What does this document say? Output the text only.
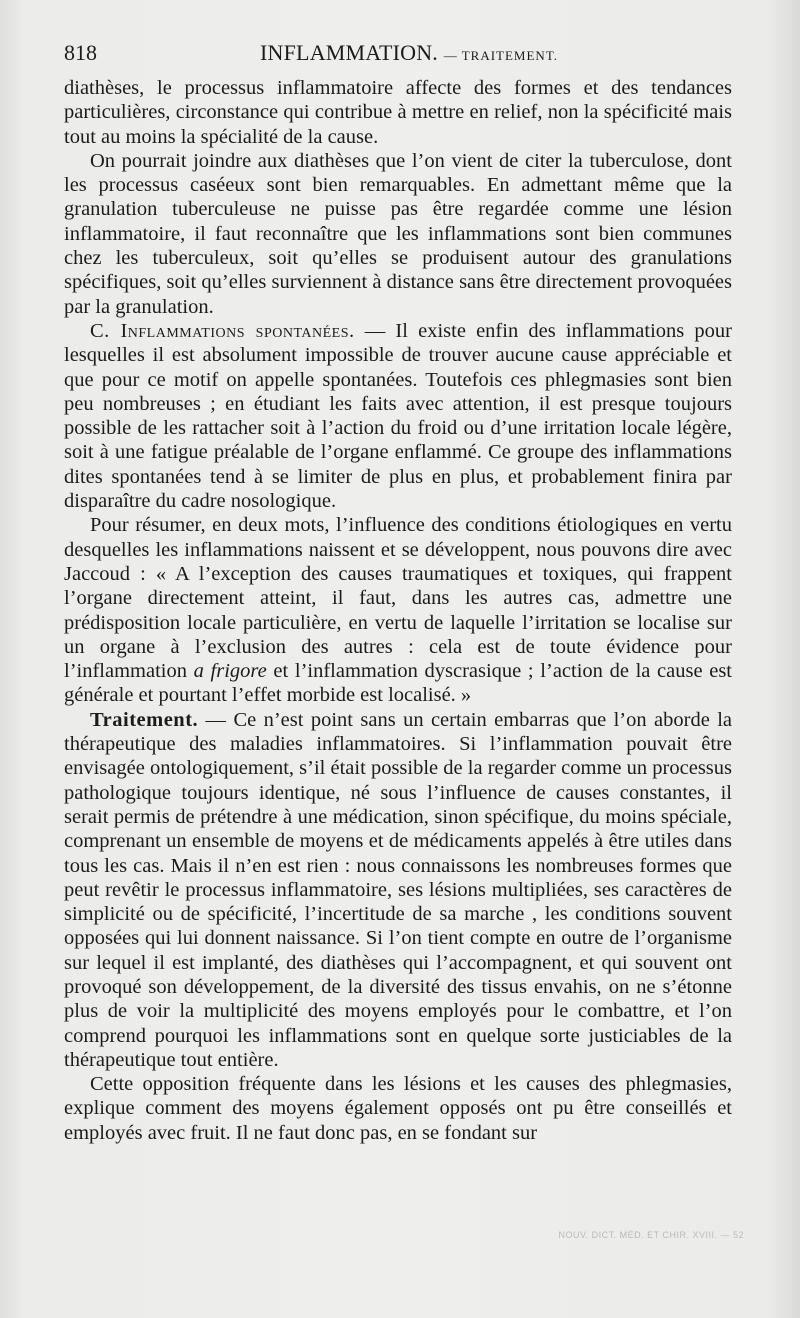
818	INFLAMMATION. — TRAITEMENT.

diathèses, le processus inflammatoire affecte des formes et des tendances particulières, circonstance qui contribue à mettre en relief, non la spécificité mais tout au moins la spécialité de la cause.

On pourrait joindre aux diathèses que l’on vient de citer la tuberculose, dont les processus caséeux sont bien remarquables. En admettant même que la granulation tuberculeuse ne puisse pas être regardée comme une lésion inflammatoire, il faut reconnaître que les inflammations sont bien communes chez les tuberculeux, soit qu’elles se produisent autour des granulations spécifiques, soit qu’elles surviennent à distance sans être directement provoquées par la granulation.

C. Inflammations spontanées. — Il existe enfin des inflammations pour lesquelles il est absolument impossible de trouver aucune cause appréciable et que pour ce motif on appelle spontanées. Toutefois ces phlegmasies sont bien peu nombreuses ; en étudiant les faits avec attention, il est presque toujours possible de les rattacher soit à l’action du froid ou d’une irritation locale légère, soit à une fatigue préalable de l’organe enflammé. Ce groupe des inflammations dites spontanées tend à se limiter de plus en plus, et probablement finira par disparaître du cadre nosologique.

Pour résumer, en deux mots, l’influence des conditions étiologiques en vertu desquelles les inflammations naissent et se développent, nous pouvons dire avec Jaccoud : « A l’exception des causes traumatiques et toxiques, qui frappent l’organe directement atteint, il faut, dans les autres cas, admettre une prédisposition locale particulière, en vertu de laquelle l’irritation se localise sur un organe à l’exclusion des autres : cela est de toute évidence pour l’inflammation a frigore et l’inflammation dyscrasique ; l’action de la cause est générale et pourtant l’effet morbide est localisé. »

Traitement. — Ce n’est point sans un certain embarras que l’on aborde la thérapeutique des maladies inflammatoires. Si l’inflammation pouvait être envisagée ontologiquement, s’il était possible de la regarder comme un processus pathologique toujours identique, né sous l’influence de causes constantes, il serait permis de prétendre à une médication, sinon spécifique, du moins spéciale, comprenant un ensemble de moyens et de médicaments appelés à être utiles dans tous les cas. Mais il n’en est rien : nous connaissons les nombreuses formes que peut revêtir le processus inflammatoire, ses lésions multipliées, ses caractères de simplicité ou de spécificité, l’incertitude de sa marche , les conditions souvent opposées qui lui donnent naissance. Si l’on tient compte en outre de l’organisme sur lequel il est implanté, des diathèses qui l’accompagnent, et qui souvent ont provoqué son développement, de la diversité des tissus envahis, on ne s’étonne plus de voir la multiplicité des moyens employés pour le combattre, et l’on comprend pourquoi les inflammations sont en quelque sorte justiciables de la thérapeutique tout entière.

Cette opposition fréquente dans les lésions et les causes des phlegmasies, explique comment des moyens également opposés ont pu être conseillés et employés avec fruit. Il ne faut donc pas, en se fondant sur

NOUV. DICT. MÉD. ET CHIR. XVIII. — 52
